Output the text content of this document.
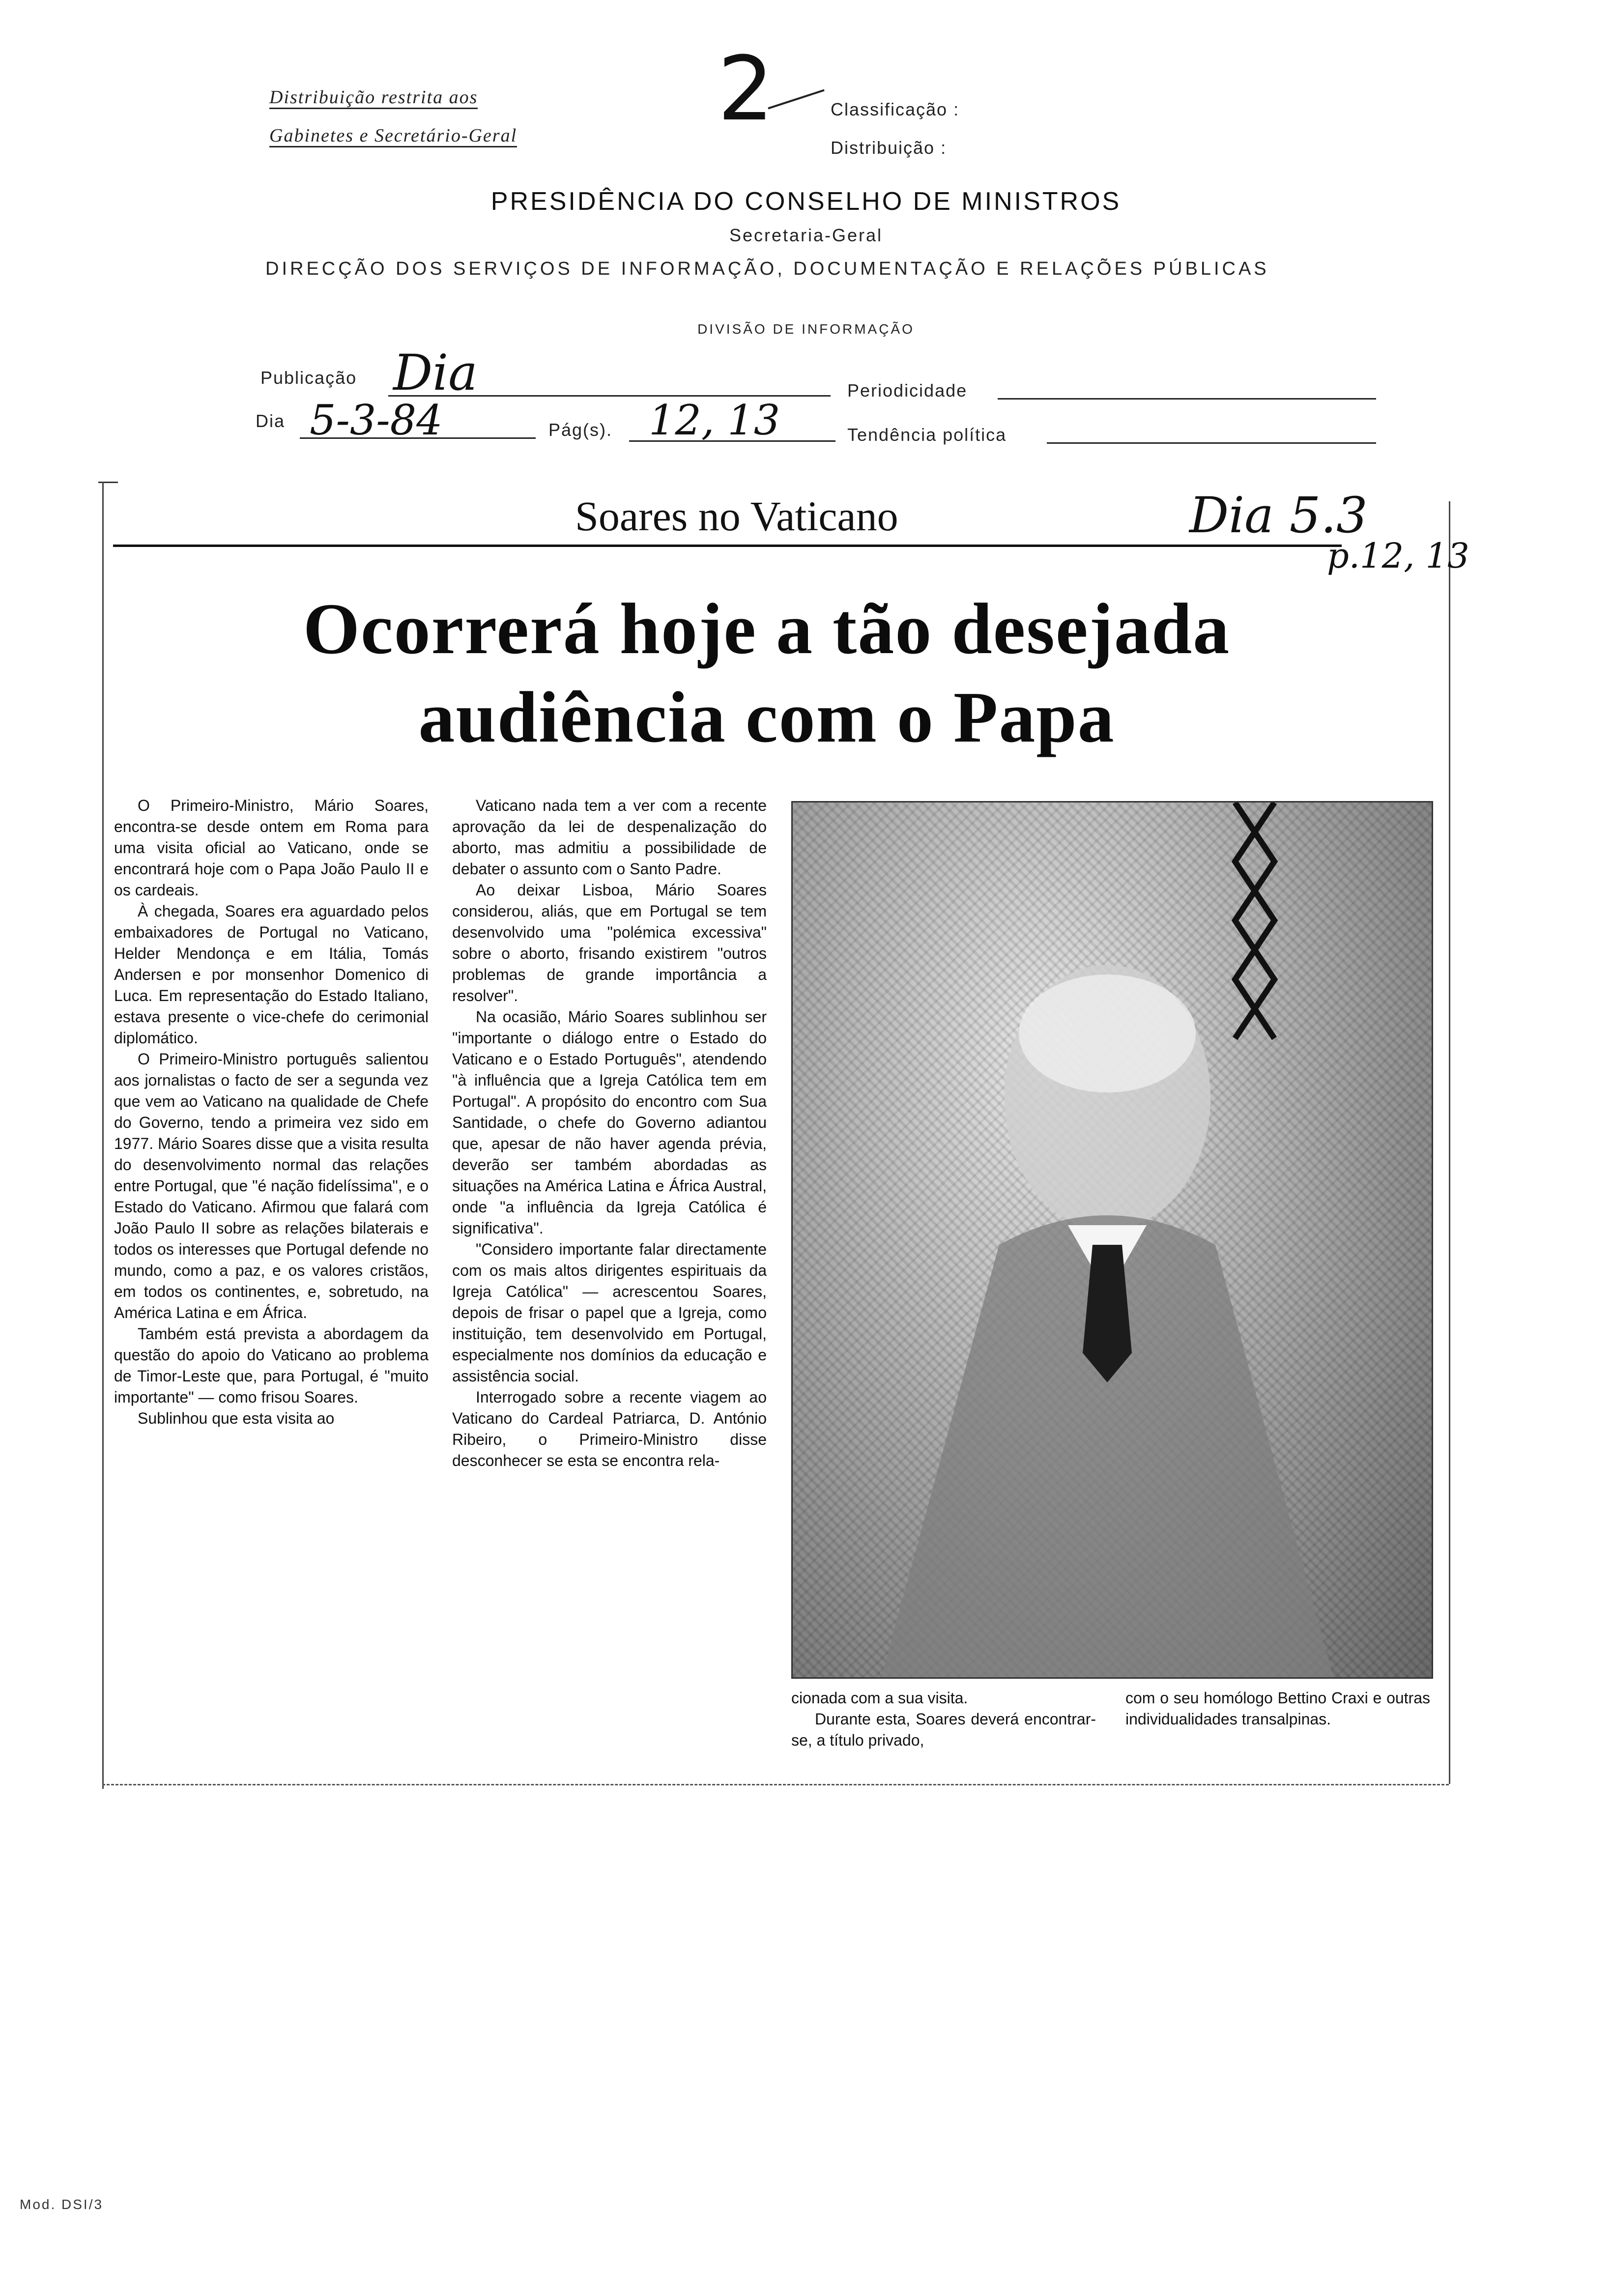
Distribuição restrita aos
Gabinetes e Secretário-Geral 2	Classificação :
Distribuição :
PRESIDÊNCIA DO CONSELHO DE MINISTROS
Secretaria-Geral
DIRECÇÃO DOS SERVIÇOS DE INFORMAÇÃO, DOCUMENTAÇÃO E RELAÇÕES PÚBLICAS
DIVISÃO DE INFORMAÇÃO
Publicação Dia	Periodicidade
Dia 5-3-84	Pág(s). 12, 13	Tendência política
Dia 5.3
p.12, 13
Soares no Vaticano
Ocorrerá hoje a tão desejada
audiência com o Papa

O Primeiro-Ministro, Mário Soares, encontra-se desde ontem em Roma para uma visita oficial ao Vaticano, onde se encontrará hoje com o Papa João Paulo II e os cardeais.

À chegada, Soares era aguardado pelos embaixadores de Portugal no Vaticano, Helder Mendonça e em Itália, Tomás Andersen e por monsenhor Domenico di Luca. Em representação do Estado Italiano, estava presente o vice-chefe do cerimonial diplomático.

O Primeiro-Ministro português salientou aos jornalistas o facto de ser a segunda vez que vem ao Vaticano na qualidade de Chefe do Governo, tendo a primeira vez sido em 1977. Mário Soares disse que a visita resulta do desenvolvimento normal das relações entre Portugal, que "é nação fidelíssima", e o Estado do Vaticano. Afirmou que falará com João Paulo II sobre as relações bilaterais e todos os interesses que Portugal defende no mundo, como a paz, e os valores cristãos, em todos os continentes, e, sobretudo, na América Latina e em África.

Também está prevista a abordagem da questão do apoio do Vaticano ao problema de Timor-Leste que, para Portugal, é "muito importante" — como frisou Soares.

Sublinhou que esta visita ao

Vaticano nada tem a ver com a recente aprovação da lei de despenalização do aborto, mas admitiu a possibilidade de debater o assunto com o Santo Padre.

Ao deixar Lisboa, Mário Soares considerou, aliás, que em Portugal se tem desenvolvido uma "polémica excessiva" sobre o aborto, frisando existirem "outros problemas de grande importância a resolver".

Na ocasião, Mário Soares sublinhou ser "importante o diálogo entre o Estado do Vaticano e o Estado Português", atendendo "à influência que a Igreja Católica tem em Portugal". A propósito do encontro com Sua Santidade, o chefe do Governo adiantou que, apesar de não haver agenda prévia, deverão ser também abordadas as situações na América Latina e África Austral, onde "a influência da Igreja Católica é significativa".

"Considero importante falar directamente com os mais altos dirigentes espirituais da Igreja Católica" — acrescentou Soares, depois de frisar o papel que a Igreja, como instituição, tem desenvolvido em Portugal, especialmente nos domínios da educação e assistência social.

Interrogado sobre a recente viagem ao Vaticano do Cardeal Patriarca, D. António Ribeiro, o Primeiro-Ministro disse desconhecer se esta se encontra rela-

cionada com a sua visita.

Durante esta, Soares deverá encontrar-se, a título privado,

com o seu homólogo Bettino Craxi e outras individualidades transalpinas.

Mod. DSI/3
